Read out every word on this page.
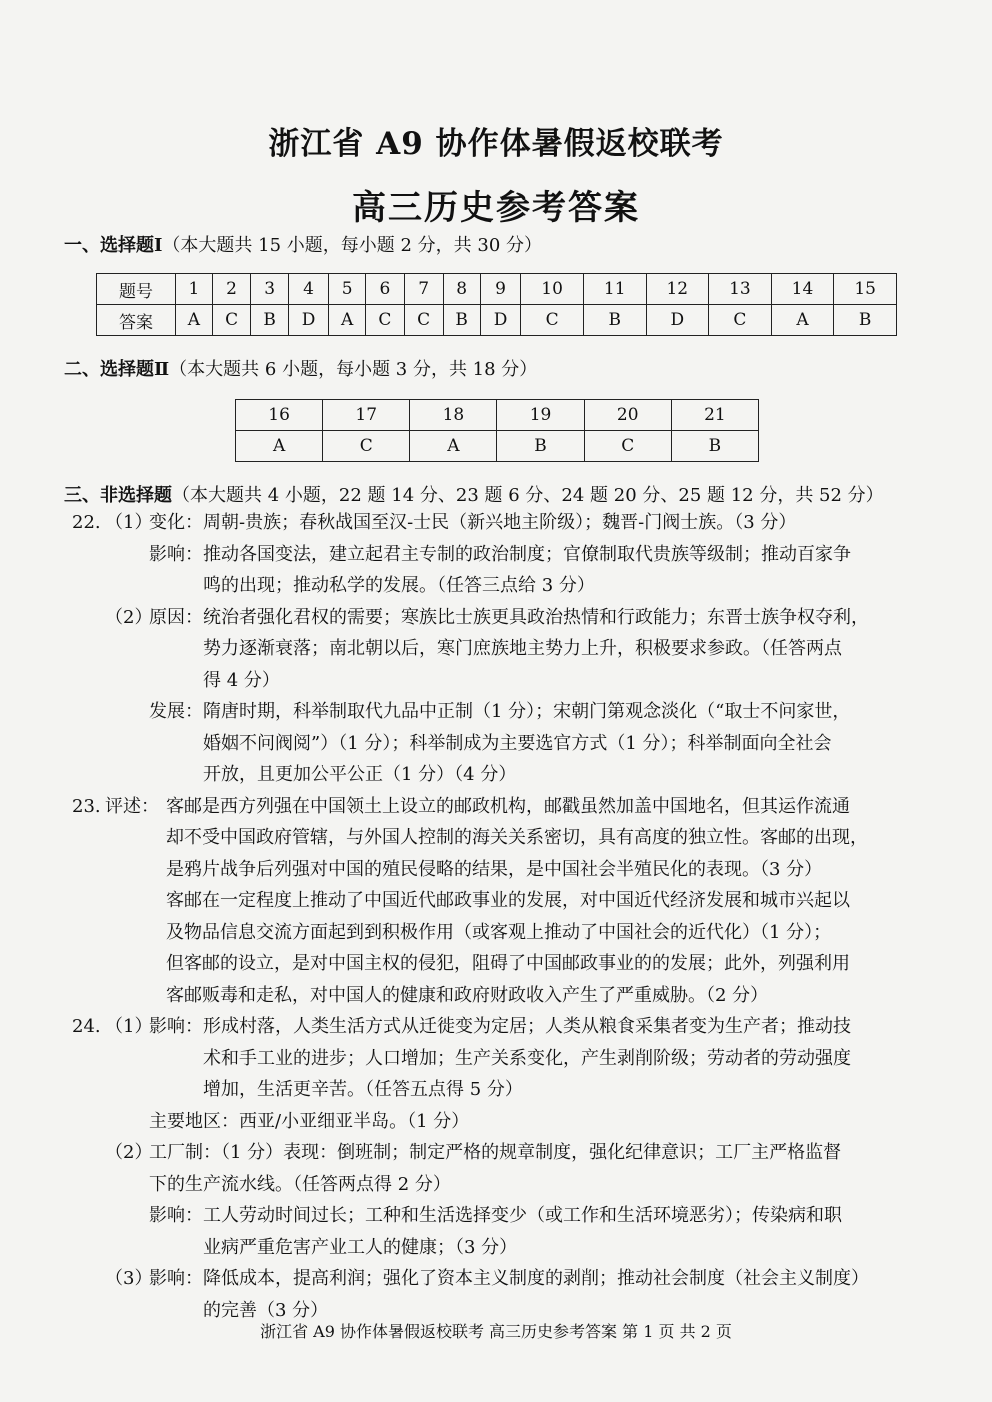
浙江省 A9 协作体暑假返校联考
高三历史参考答案
一、选择题Ⅰ（本大题共 15 小题，每小题 2 分，共 30 分）
题号	1	2	3	4	5	6	7	8	9	10	11	12	13	14	15
答案	A	C	B	D	A	C	C	B	D	C	B	D	C	A	B
二、选择题Ⅱ（本大题共 6 小题，每小题 3 分，共 18 分）
16	17	18	19	20	21
A	C	A	B	C	B
三、非选择题（本大题共 4 小题，22 题 14 分、23 题 6 分、24 题 20 分、25 题 12 分，共 52 分）
22. （1）
变化： 周朝-贵族；春秋战国至汉-士民（新兴地主阶级）；魏晋-门阀士族。（3 分）
影响： 推动各国变法，建立起君主专制的政治制度；官僚制取代贵族等级制；推动百家争
鸣的出现；推动私学的发展。（任答三点给 3 分）
（2）
原因： 统治者强化君权的需要；寒族比士族更具政治热情和行政能力；东晋士族争权夺利，
势力逐渐衰落；南北朝以后，寒门庶族地主势力上升，积极要求参政。（任答两点
得 4 分）
发展： 隋唐时期，科举制取代九品中正制（1 分）；宋朝门第观念淡化（“取士不问家世，
婚姻不问阀阅”）（1 分）；科举制成为主要选官方式（1 分）；科举制面向全社会
开放，且更加公平公正（1 分）（4 分）
23. 评述： 客邮是西方列强在中国领土上设立的邮政机构，邮戳虽然加盖中国地名，但其运作流通
却不受中国政府管辖，与外国人控制的海关关系密切，具有高度的独立性。客邮的出现，
是鸦片战争后列强对中国的殖民侵略的结果，是中国社会半殖民化的表现。（3 分）
客邮在一定程度上推动了中国近代邮政事业的发展，对中国近代经济发展和城市兴起以
及物品信息交流方面起到到积极作用（或客观上推动了中国社会的近代化）（1 分）；
但客邮的设立，是对中国主权的侵犯，阻碍了中国邮政事业的的发展；此外，列强利用
客邮贩毒和走私，对中国人的健康和政府财政收入产生了严重威胁。（2 分）
24. （1）
影响： 形成村落，人类生活方式从迁徙变为定居；人类从粮食采集者变为生产者；推动技
术和手工业的进步；人口增加；生产关系变化，产生剥削阶级；劳动者的劳动强度
增加，生活更辛苦。（任答五点得 5 分）
主要地区：西亚/小亚细亚半岛。（1 分）
（2）
工厂制：（1 分）表现：倒班制；制定严格的规章制度，强化纪律意识；工厂主严格监督
下的生产流水线。（任答两点得 2 分）
影响： 工人劳动时间过长；工种和生活选择变少（或工作和生活环境恶劣）；传染病和职
业病严重危害产业工人的健康；（3 分）
（3）
影响： 降低成本，提高利润；强化了资本主义制度的剥削；推动社会制度（社会主义制度）
的完善（3 分）
浙江省 A9 协作体暑假返校联考 高三历史参考答案 第 1 页 共 2 页
